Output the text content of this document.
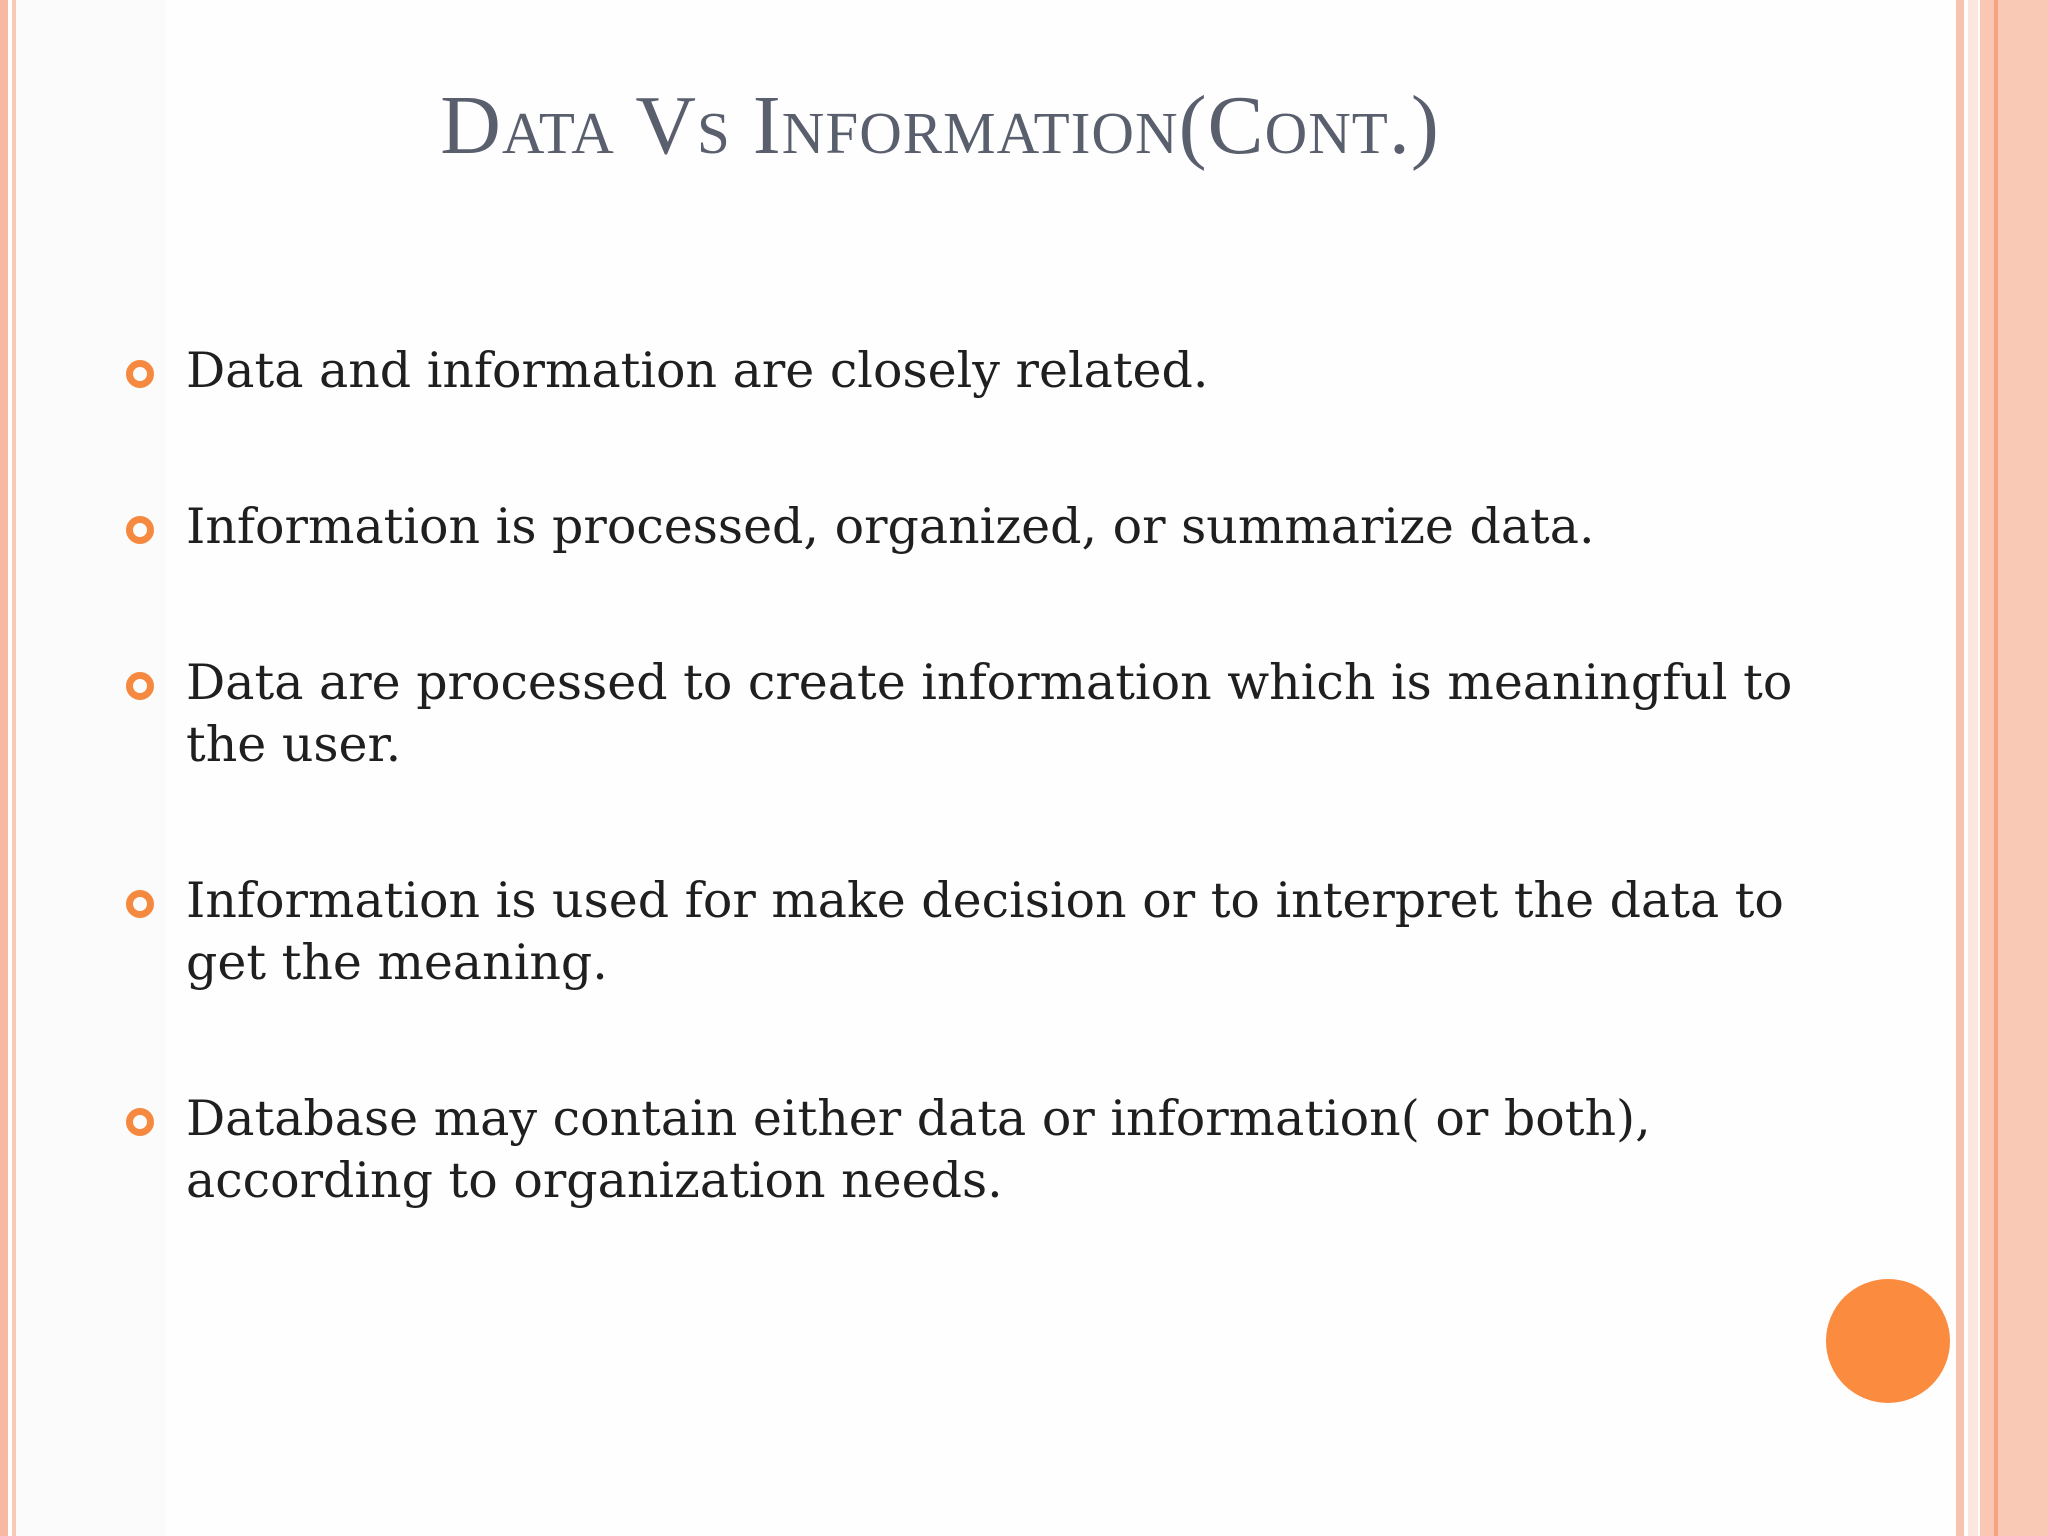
Data Vs Information(Cont.)
Data and information are closely related.
Information is processed, organized, or summarize data.
Data are processed to create information which is meaningful to the user.
Information is used for make decision or to interpret the data to get the meaning.
Database may contain either data or information( or both), according to organization needs.
